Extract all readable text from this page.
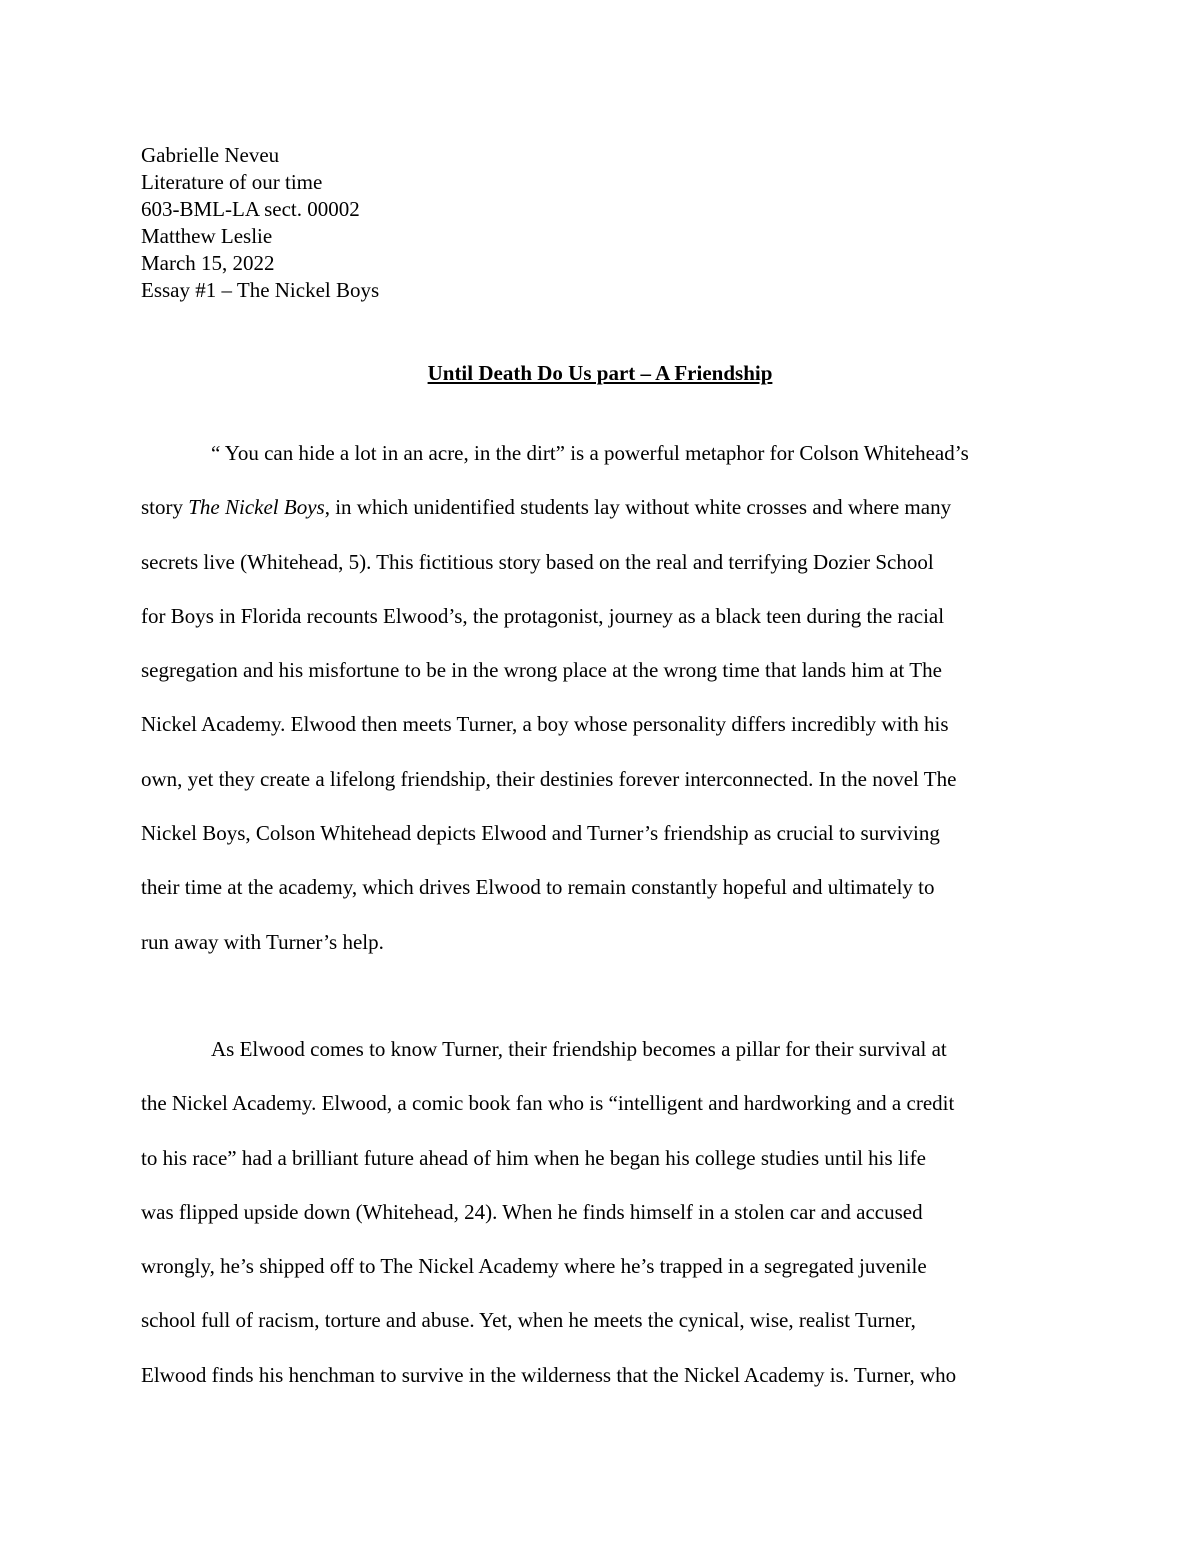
Gabrielle Neveu
Literature of our time
603-BML-LA sect. 00002
Matthew Leslie
March 15, 2022
Essay #1 – The Nickel Boys
Until Death Do Us part – A Friendship
“ You can hide a lot in an acre, in the dirt” is a powerful metaphor for Colson Whitehead’s
story The Nickel Boys, in which unidentified students lay without white crosses and where many
secrets live (Whitehead, 5). This fictitious story based on the real and terrifying Dozier School
for Boys in Florida recounts Elwood’s, the protagonist, journey as a black teen during the racial
segregation and his misfortune to be in the wrong place at the wrong time that lands him at The
Nickel Academy. Elwood then meets Turner, a boy whose personality differs incredibly with his
own, yet they create a lifelong friendship, their destinies forever interconnected. In the novel The
Nickel Boys, Colson Whitehead depicts Elwood and Turner’s friendship as crucial to surviving
their time at the academy, which drives Elwood to remain constantly hopeful and ultimately to
run away with Turner’s help.
As Elwood comes to know Turner, their friendship becomes a pillar for their survival at
the Nickel Academy. Elwood, a comic book fan who is “intelligent and hardworking and a credit
to his race” had a brilliant future ahead of him when he began his college studies until his life
was flipped upside down (Whitehead, 24). When he finds himself in a stolen car and accused
wrongly, he’s shipped off to The Nickel Academy where he’s trapped in a segregated juvenile
school full of racism, torture and abuse. Yet, when he meets the cynical, wise, realist Turner,
Elwood finds his henchman to survive in the wilderness that the Nickel Academy is. Turner, who
